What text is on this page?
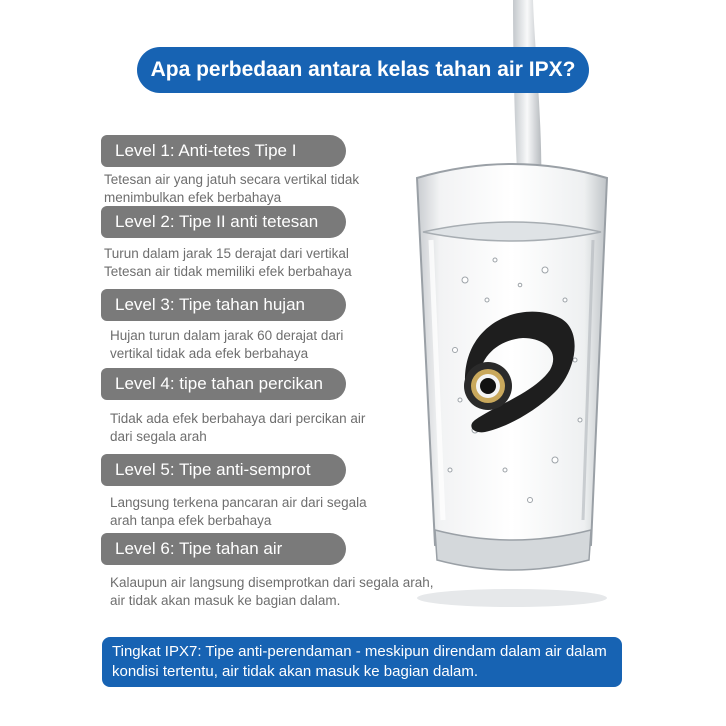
Apa perbedaan antara kelas tahan air IPX?
Level 1: Anti-tetes Tipe I
Tetesan air yang jatuh secara vertikal tidak
menimbulkan efek berbahaya
Level 2: Tipe II anti tetesan
Turun dalam jarak 15 derajat dari vertikal
Tetesan air tidak memiliki efek berbahaya
Level 3: Tipe tahan hujan
Hujan turun dalam jarak 60 derajat dari
vertikal tidak ada efek berbahaya
Level 4: tipe tahan percikan
Tidak ada efek berbahaya dari percikan air
dari segala arah
Level 5: Tipe anti-semprot
Langsung terkena pancaran air dari segala
arah tanpa efek berbahaya
Level 6: Tipe tahan air
Kalaupun air langsung disemprotkan dari segala arah,
air tidak akan masuk ke bagian dalam.
Tingkat IPX7: Tipe anti-perendaman - meskipun direndam dalam air dalam kondisi tertentu, air tidak akan masuk ke bagian dalam.
